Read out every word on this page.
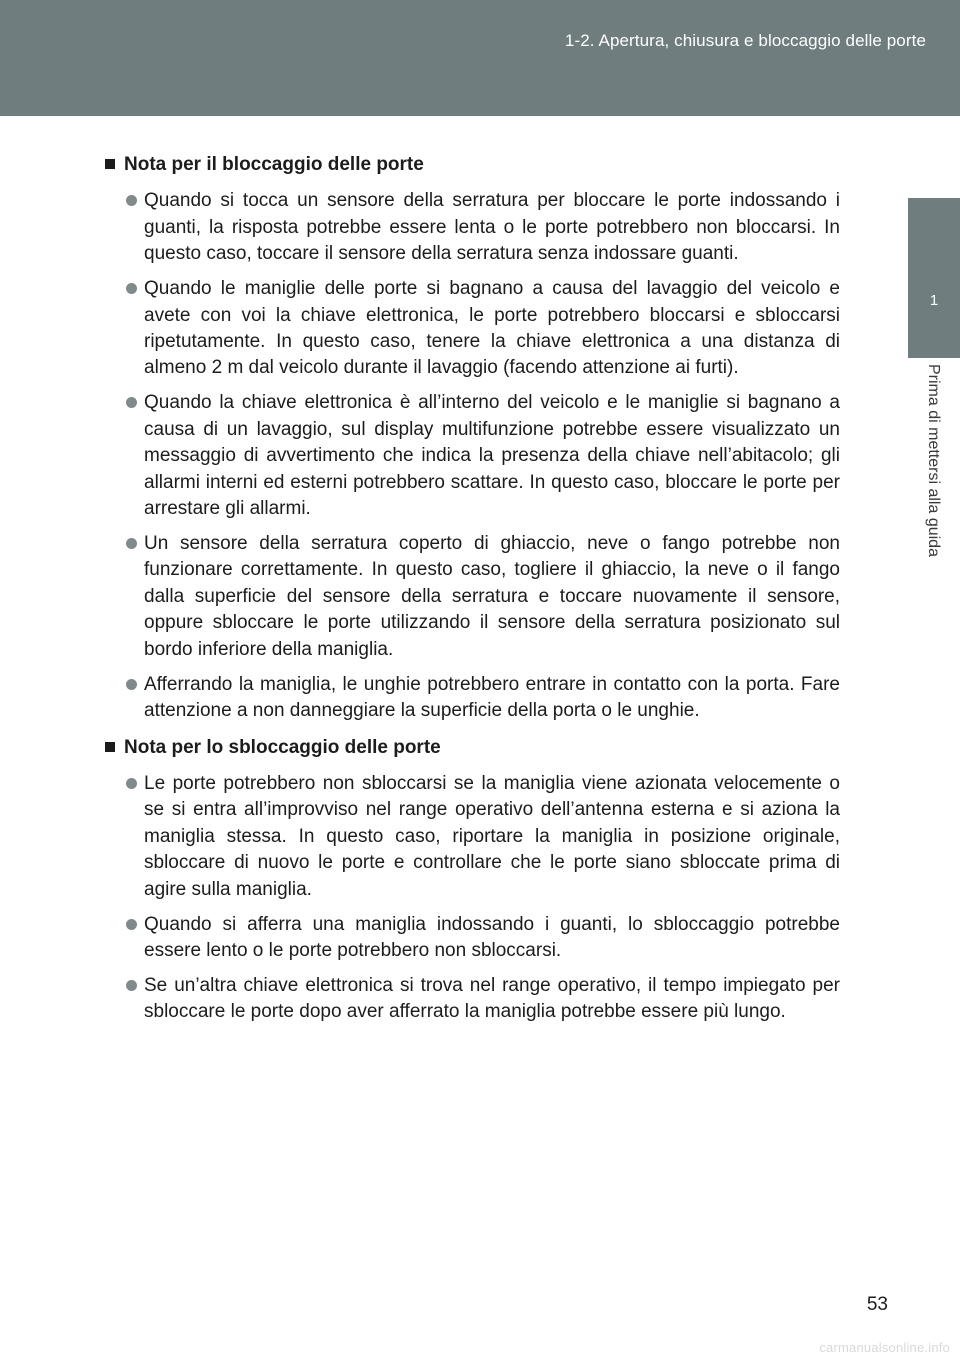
1-2. Apertura, chiusura e bloccaggio delle porte
1
Prima di mettersi alla guida
Nota per il bloccaggio delle porte
Quando si tocca un sensore della serratura per bloccare le porte indossando i guanti, la risposta potrebbe essere lenta o le porte potrebbero non bloccarsi. In questo caso, toccare il sensore della serratura senza indossare guanti.
Quando le maniglie delle porte si bagnano a causa del lavaggio del veicolo e avete con voi la chiave elettronica, le porte potrebbero bloccarsi e sbloccarsi ripetutamente. In questo caso, tenere la chiave elettronica a una distanza di almeno 2 m dal veicolo durante il lavaggio (facendo attenzione ai furti).
Quando la chiave elettronica è all’interno del veicolo e le maniglie si bagnano a causa di un lavaggio, sul display multifunzione potrebbe essere visualizzato un messaggio di avvertimento che indica la presenza della chiave nell’abitacolo; gli allarmi interni ed esterni potrebbero scattare. In questo caso, bloccare le porte per arrestare gli allarmi.
Un sensore della serratura coperto di ghiaccio, neve o fango potrebbe non funzionare correttamente. In questo caso, togliere il ghiaccio, la neve o il fango dalla superficie del sensore della serratura e toccare nuovamente il sensore, oppure sbloccare le porte utilizzando il sensore della serratura posizionato sul bordo inferiore della maniglia.
Afferrando la maniglia, le unghie potrebbero entrare in contatto con la porta. Fare attenzione a non danneggiare la superficie della porta o le unghie.
Nota per lo sbloccaggio delle porte
Le porte potrebbero non sbloccarsi se la maniglia viene azionata velocemente o se si entra all’improvviso nel range operativo dell’antenna esterna e si aziona la maniglia stessa. In questo caso, riportare la maniglia in posizione originale, sbloccare di nuovo le porte e controllare che le porte siano sbloccate prima di agire sulla maniglia.
Quando si afferra una maniglia indossando i guanti, lo sbloccaggio potrebbe essere lento o le porte potrebbero non sbloccarsi.
Se un’altra chiave elettronica si trova nel range operativo, il tempo impiegato per sbloccare le porte dopo aver afferrato la maniglia potrebbe essere più lungo.
53
carmanualsonline.info
